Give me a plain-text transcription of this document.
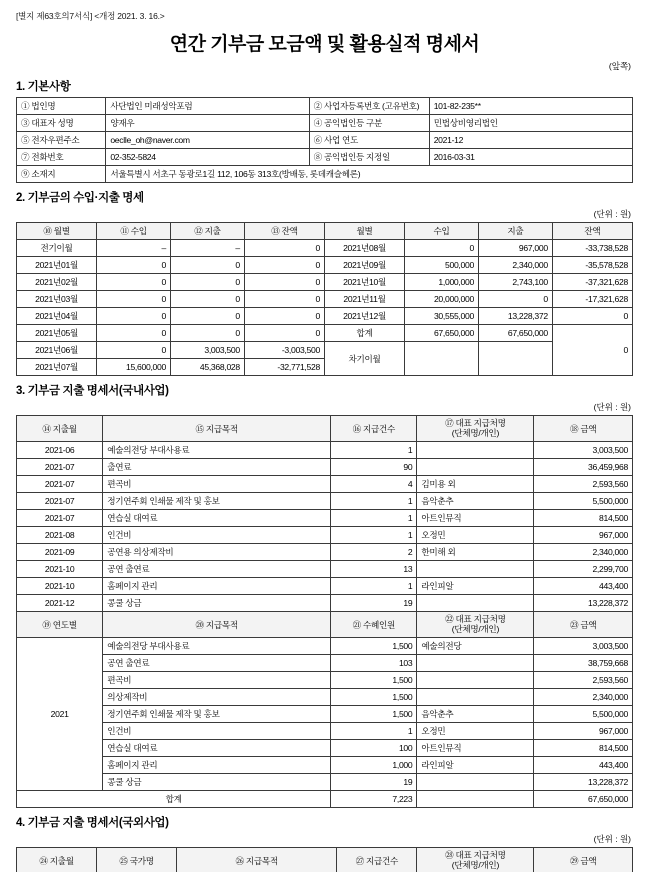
[별지 제63호의7서식] <개정 2021. 3. 16.>
연간 기부금 모금액 및 활용실적 명세서
(앞쪽)
1. 기본사항
① 법인명	사단법인 미래성악포럼	② 사업자등록번호 (고유번호)	101-82-235**
③ 대표자 성명	양재우	④ 공익법인등 구분	민법상비영리법인
⑤ 전자우편주소	oeclle_oh@naver.com	⑥ 사업 연도	2021-12
⑦ 전화번호	02-352-5824	⑧ 공익법인등 지정일	2016-03-31
⑨ 소재지	서울특별시 서초구 동광로1길 112, 106동 313호(방배동, 롯데캐슬헤론)		
2. 기부금의 수입·지출 명세
(단위 : 원)
⑩ 월별	⑪ 수입	⑫ 지출	⑬ 잔액	월별	수입	지출	잔액
전기이월	–	–	0	2021년08월	0	967,000	-33,738,528
2021년01월	0	0	0	2021년09월	500,000	2,340,000	-35,578,528
2021년02월	0	0	0	2021년10월	1,000,000	2,743,100	-37,321,628
2021년03월	0	0	0	2021년11월	20,000,000	0	-17,321,628
2021년04월	0	0	0	2021년12월	30,555,000	13,228,372	0
2021년05월	0	0	0	합계	67,650,000	67,650,000	0
2021년06월	0	3,003,500	-3,003,500	차기이월			
2021년07월	15,600,000	45,368,028	-32,771,528				
3. 기부금 지출 명세서(국내사업)
(단위 : 원)
⑭ 지출월	⑮ 지급목적	⑯ 지급건수	⑰ 대표 지급처명
(단체명/개인)	⑱ 금액
2021-06	예술의전당 부대사용료	1		3,003,500
2021-07	출연료	90		36,459,968
2021-07	편곡비	4	김미용 외	2,593,560
2021-07	정기연주회 인쇄물 제작 및 홍보	1	음악춘추	5,500,000
2021-07	연습실 대여료	1	아트인뮤직	814,500
2021-08	인건비	1	오정민	967,000
2021-09	공연용 의상제작비	2	한미해 외	2,340,000
2021-10	공연 출연료	13		2,299,700
2021-10	홈페이지 관리	1	라인피알	443,400
2021-12	콩쿨 상금	19		13,228,372
⑲ 연도별	⑳ 지급목적	㉑ 수혜인원	㉒ 대표 지급처명
(단체명/개인)	㉓ 금액
2021	예술의전당 부대사용료	1,500	예술의전당	3,003,500
	공연 출연료	103		38,759,668
	편곡비	1,500		2,593,560
	의상제작비	1,500		2,340,000
	정기연주회 인쇄물 제작 및 홍보	1,500	음악춘추	5,500,000
	인건비	1	오정민	967,000
	연습실 대여료	100	아트인뮤직	814,500
	홈페이지 관리	1,000	라인피알	443,400
	콩쿨 상금	19		13,228,372
합계		7,223		67,650,000
4. 기부금 지출 명세서(국외사업)
(단위 : 원)
㉔ 지출월	㉕ 국가명	㉖ 지급목적	㉗ 지급건수	㉘ 대표 지급처명
(단체명/개인)	㉙ 금액
